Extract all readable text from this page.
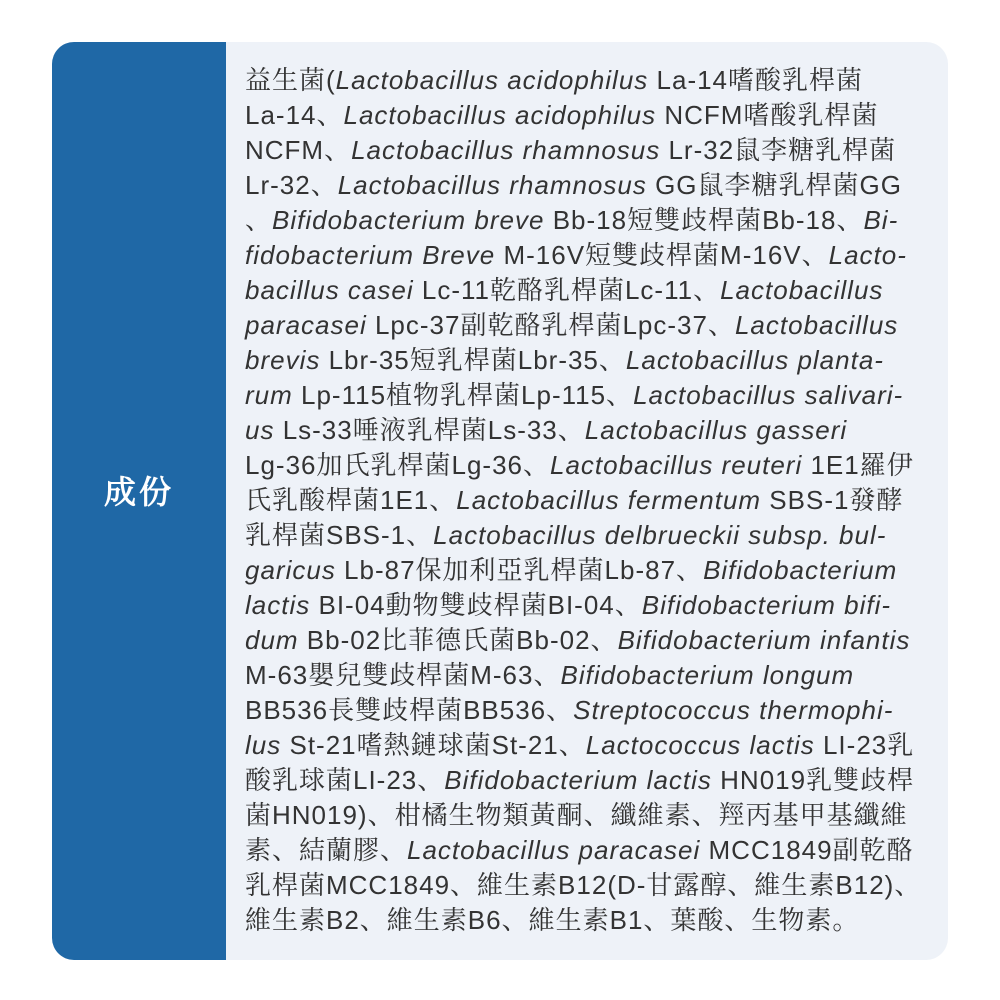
成份
益生菌(Lactobacillus acidophilus La-14嗜酸乳桿菌
La-14、Lactobacillus acidophilus NCFM嗜酸乳桿菌
NCFM、Lactobacillus rhamnosus Lr-32鼠李糖乳桿菌
Lr-32、Lactobacillus rhamnosus GG鼠李糖乳桿菌GG
、Bifidobacterium breve Bb-18短雙歧桿菌Bb-18、Bi-
fidobacterium Breve M-16V短雙歧桿菌M-16V、Lacto-
bacillus casei Lc-11乾酪乳桿菌Lc-11、Lactobacillus
paracasei Lpc-37副乾酪乳桿菌Lpc-37、Lactobacillus
brevis Lbr-35短乳桿菌Lbr-35、Lactobacillus planta-
rum Lp-115植物乳桿菌Lp-115、Lactobacillus salivari-
us Ls-33唾液乳桿菌Ls-33、Lactobacillus gasseri
Lg-36加氏乳桿菌Lg-36、Lactobacillus reuteri 1E1羅伊
氏乳酸桿菌1E1、Lactobacillus fermentum SBS-1發酵
乳桿菌SBS-1、Lactobacillus delbrueckii subsp. bul-
garicus Lb-87保加利亞乳桿菌Lb-87、Bifidobacterium
lactis BI-04動物雙歧桿菌BI-04、Bifidobacterium bifi-
dum Bb-02比菲德氏菌Bb-02、Bifidobacterium infantis
M-63嬰兒雙歧桿菌M-63、Bifidobacterium longum
BB536長雙歧桿菌BB536、Streptococcus thermophi-
lus St-21嗜熱鏈球菌St-21、Lactococcus lactis LI-23乳
酸乳球菌LI-23、Bifidobacterium lactis HN019乳雙歧桿
菌HN019)、柑橘生物類黃酮、纖維素、羥丙基甲基纖維
素、結蘭膠、Lactobacillus paracasei MCC1849副乾酪
乳桿菌MCC1849、維生素B12(D-甘露醇、維生素B12)、
維生素B2、維生素B6、維生素B1、葉酸、生物素。
